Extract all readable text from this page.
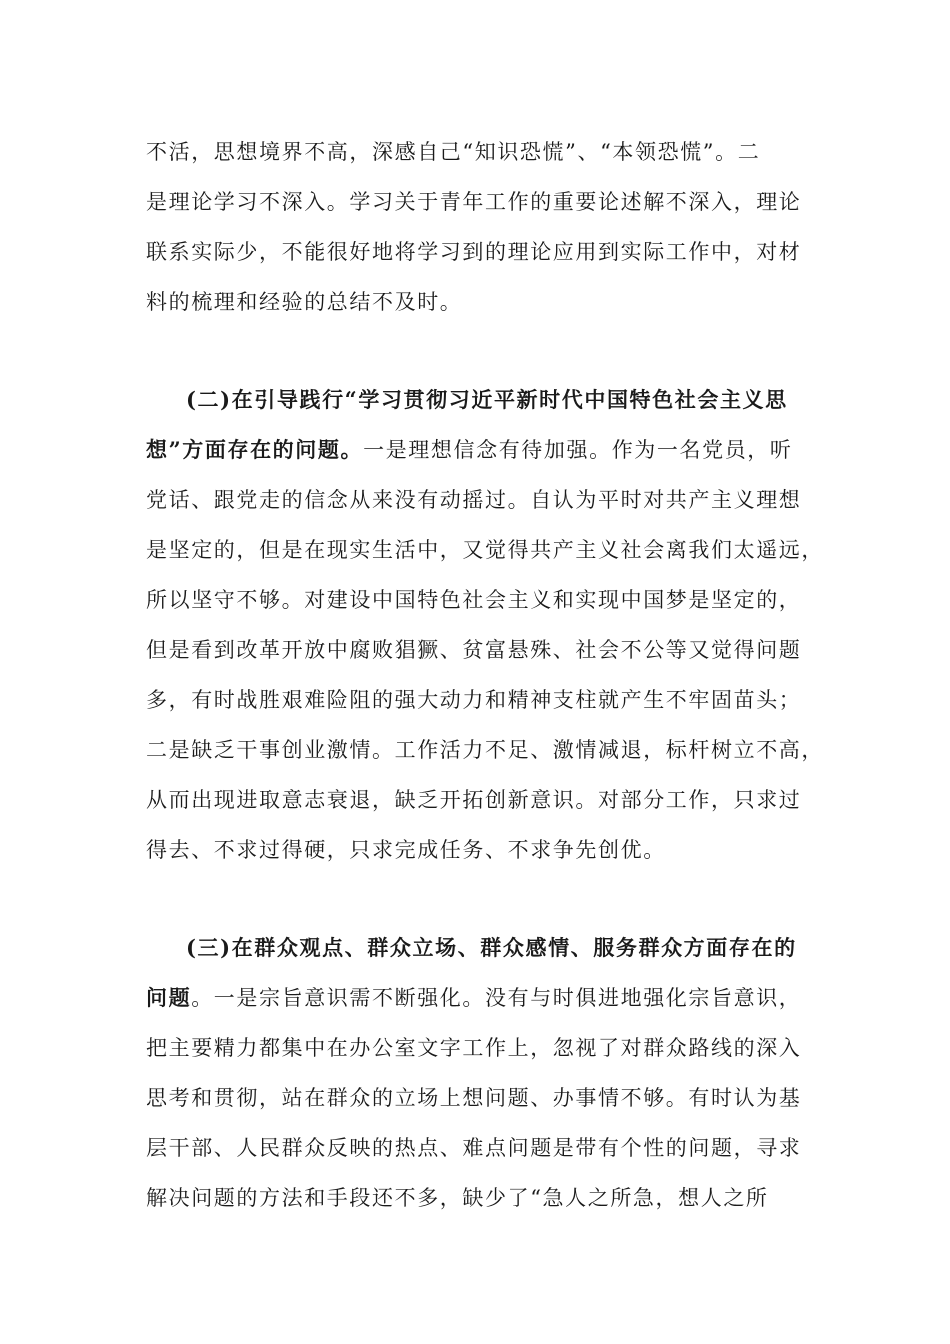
不活，思想境界不高，深感自己“知识恐慌”、“本领恐慌”。二
是理论学习不深入。学习关于青年工作的重要论述解不深入，理论
联系实际少，不能很好地将学习到的理论应用到实际工作中，对材
料的梳理和经验的总结不及时。
(二)在引导践行“学习贯彻习近平新时代中国特色社会主义思
想”方面存在的问题。一是理想信念有待加强。作为一名党员，听
党话、跟党走的信念从来没有动摇过。自认为平时对共产主义理想
是坚定的，但是在现实生活中，又觉得共产主义社会离我们太遥远，
所以坚守不够。对建设中国特色社会主义和实现中国梦是坚定的，
但是看到改革开放中腐败猖獗、贫富悬殊、社会不公等又觉得问题
多，有时战胜艰难险阻的强大动力和精神支柱就产生不牢固苗头；
二是缺乏干事创业激情。工作活力不足、激情减退，标杆树立不高，
从而出现进取意志衰退，缺乏开拓创新意识。对部分工作，只求过
得去、不求过得硬，只求完成任务、不求争先创优。
(三)在群众观点、群众立场、群众感情、服务群众方面存在的
问题。一是宗旨意识需不断强化。没有与时俱进地强化宗旨意识，
把主要精力都集中在办公室文字工作上，忽视了对群众路线的深入
思考和贯彻，站在群众的立场上想问题、办事情不够。有时认为基
层干部、人民群众反映的热点、难点问题是带有个性的问题，寻求
解决问题的方法和手段还不多，缺少了“急人之所急，想人之所
